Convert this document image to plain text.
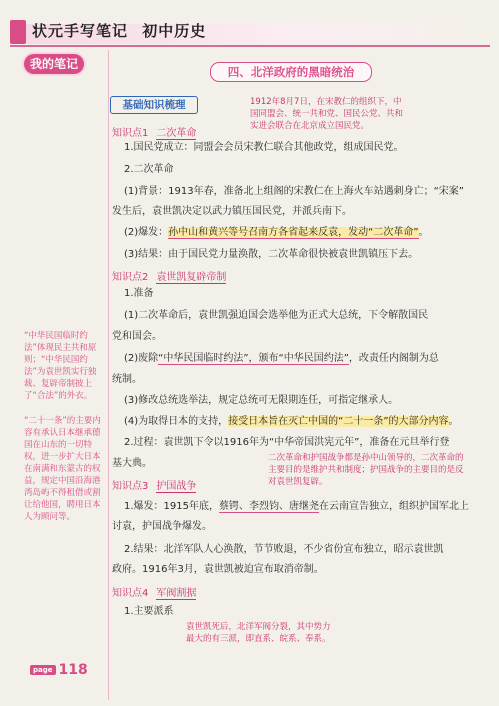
状元手写笔记 初中历史
我的笔记
“中华民国临时约法”体现民主共和原则；“中华民国约法”为袁世凯实行独裁、复辟帝制披上了“合法”的外衣。
“二十一条”的主要内容有承认日本继承德国在山东的一切特权，进一步扩大日本在南满和东蒙古的权益，规定中国沿海港湾岛屿不得租借或割让给他国，聘用日本人为顾问等。
四、北洋政府的黑暗统治
基础知识梳理	1912年8月7日，在宋教仁的组织下，中国同盟会、统一共和党、国民公党、共和实进会联合在北京成立国民党。
知识点1 二次革命
1.国民党成立：同盟会会员宋教仁联合其他政党，组成国民党。
2.二次革命
(1)背景：1913年春，准备北上组阁的宋教仁在上海火车站遇刺身亡；“宋案”
发生后，袁世凯决定以武力镇压国民党，并派兵南下。
(2)爆发：孙中山和黄兴等号召南方各省起来反袁，发动“二次革命”。
(3)结果：由于国民党力量涣散，二次革命很快被袁世凯镇压下去。
知识点2 袁世凯复辟帝制
1.准备
(1)二次革命后，袁世凯强迫国会选举他为正式大总统，下令解散国民
党和国会。
(2)废除“中华民国临时约法”，颁布“中华民国约法”，改责任内阁制为总
统制。
(3)修改总统选举法，规定总统可无限期连任，可指定继承人。
(4)为取得日本的支持，接受日本旨在灭亡中国的“二十一条”的大部分内容。
2.过程：袁世凯下令以1916年为“中华帝国洪宪元年”，准备在元旦举行登
基大典。
知识点3 护国战争
二次革命和护国战争都是孙中山领导的，二次革命的主要目的是维护共和制度；护国战争的主要目的是反对袁世凯复辟。
1.爆发：1915年底，蔡锷、李烈钧、唐继尧在云南宣告独立，组织护国军北上
讨袁，护国战争爆发。
2.结果：北洋军队人心涣散，节节败退，不少省份宣布独立，昭示袁世凯
政府。1916年3月，袁世凯被迫宣布取消帝制。
知识点4 军阀割据
1.主要派系
袁世凯死后，北洋军阀分裂，其中势力最大的有三派，即直系、皖系、奉系。
page 118
